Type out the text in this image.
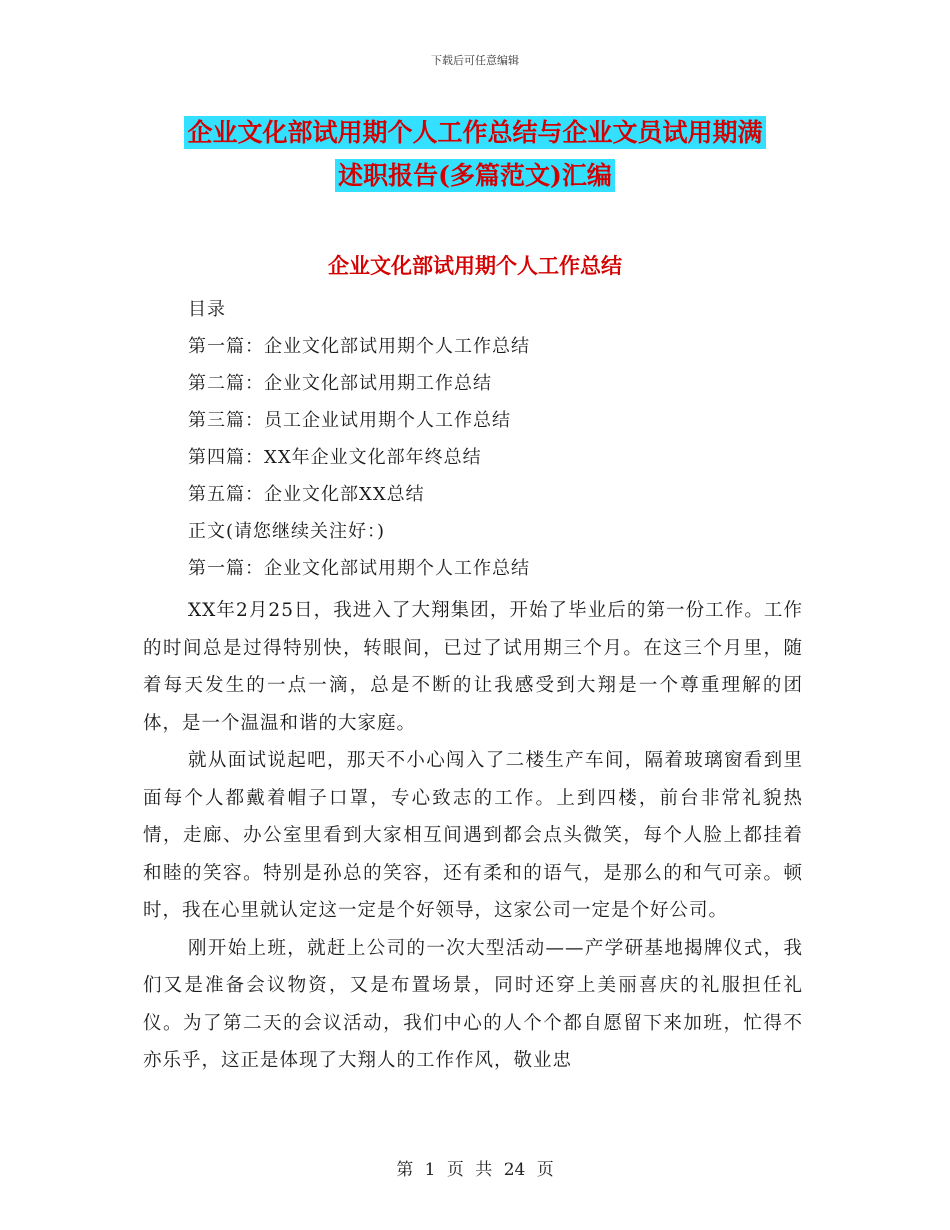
下载后可任意编辑
企业文化部试用期个人工作总结与企业文员试用期满
述职报告(多篇范文)汇编
企业文化部试用期个人工作总结
目录
第一篇：企业文化部试用期个人工作总结
第二篇：企业文化部试用期工作总结
第三篇：员工企业试用期个人工作总结
第四篇：XX年企业文化部年终总结
第五篇：企业文化部XX总结
正文(请您继续关注好：)
第一篇：企业文化部试用期个人工作总结

XX年2月25日，我进入了大翔集团，开始了毕业后的第一份工作。工作的时间总是过得特别快，转眼间，已过了试用期三个月。在这三个月里，随着每天发生的一点一滴，总是不断的让我感受到大翔是一个尊重理解的团体，是一个温温和谐的大家庭。

就从面试说起吧，那天不小心闯入了二楼生产车间，隔着玻璃窗看到里面每个人都戴着帽子口罩，专心致志的工作。上到四楼，前台非常礼貌热情，走廊、办公室里看到大家相互间遇到都会点头微笑，每个人脸上都挂着和睦的笑容。特别是孙总的笑容，还有柔和的语气，是那么的和气可亲。顿时，我在心里就认定这一定是个好领导，这家公司一定是个好公司。

刚开始上班，就赶上公司的一次大型活动——产学研基地揭牌仪式，我们又是准备会议物资，又是布置场景，同时还穿上美丽喜庆的礼服担任礼仪。为了第二天的会议活动，我们中心的人个个都自愿留下来加班，忙得不亦乐乎，这正是体现了大翔人的工作作风，敬业忠

第 1 页 共 24 页
